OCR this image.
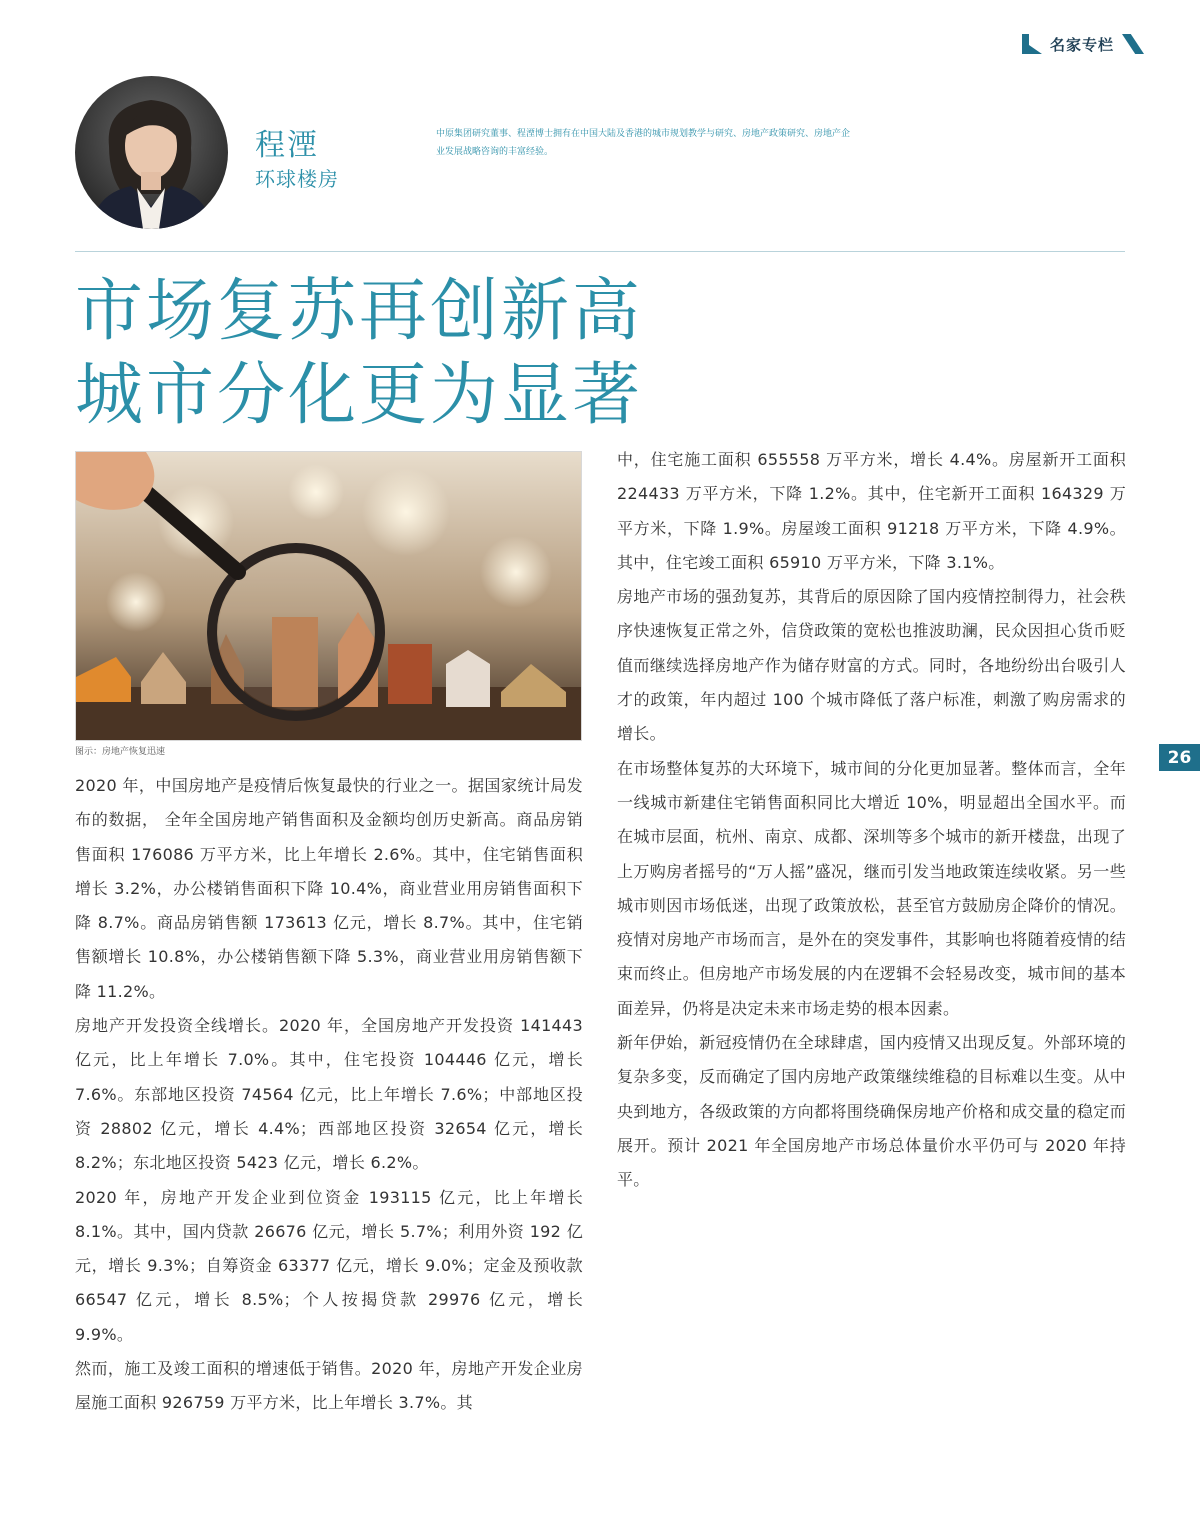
名家专栏
程湮
环球楼房

中原集团研究董事、程湮博士拥有在中国大陆及香港的城市规划教学与研究、房地产政策研究、房地产企业发展战略咨询的丰富经验。

市场复苏再创新高
城市分化更为显著
图示：房地产恢复迅速

2020 年，中国房地产是疫情后恢复最快的行业之一。据国家统计局发布的数据， 全年全国房地产销售面积及金额均创历史新高。商品房销售面积 176086 万平方米，比上年增长 2.6%。其中，住宅销售面积增长 3.2%，办公楼销售面积下降 10.4%，商业营业用房销售面积下降 8.7%。商品房销售额 173613 亿元，增长 8.7%。其中，住宅销售额增长 10.8%，办公楼销售额下降 5.3%，商业营业用房销售额下降 11.2%。

房地产开发投资全线增长。2020 年，全国房地产开发投资 141443 亿元，比上年增长 7.0%。其中，住宅投资 104446 亿元，增长 7.6%。东部地区投资 74564 亿元，比上年增长 7.6%；中部地区投资 28802 亿元，增长 4.4%；西部地区投资 32654 亿元，增长 8.2%；东北地区投资 5423 亿元，增长 6.2%。

2020 年，房地产开发企业到位资金 193115 亿元，比上年增长 8.1%。其中，国内贷款 26676 亿元，增长 5.7%；利用外资 192 亿元，增长 9.3%；自筹资金 63377 亿元，增长 9.0%；定金及预收款 66547 亿元，增长 8.5%；个人按揭贷款 29976 亿元，增长 9.9%。

然而，施工及竣工面积的增速低于销售。2020 年，房地产开发企业房屋施工面积 926759 万平方米，比上年增长 3.7%。其

中，住宅施工面积 655558 万平方米，增长 4.4%。房屋新开工面积 224433 万平方米，下降 1.2%。其中，住宅新开工面积 164329 万平方米，下降 1.9%。房屋竣工面积 91218 万平方米，下降 4.9%。其中，住宅竣工面积 65910 万平方米，下降 3.1%。

房地产市场的强劲复苏，其背后的原因除了国内疫情控制得力，社会秩序快速恢复正常之外，信贷政策的宽松也推波助澜，民众因担心货币贬值而继续选择房地产作为储存财富的方式。同时，各地纷纷出台吸引人才的政策，年内超过 100 个城市降低了落户标准，刺激了购房需求的增长。

在市场整体复苏的大环境下，城市间的分化更加显著。整体而言，全年一线城市新建住宅销售面积同比大增近 10%，明显超出全国水平。而在城市层面，杭州、南京、成都、深圳等多个城市的新开楼盘，出现了上万购房者摇号的“万人摇”盛况，继而引发当地政策连续收紧。另一些城市则因市场低迷，出现了政策放松，甚至官方鼓励房企降价的情况。疫情对房地产市场而言，是外在的突发事件，其影响也将随着疫情的结束而终止。但房地产市场发展的内在逻辑不会轻易改变，城市间的基本面差异，仍将是决定未来市场走势的根本因素。

新年伊始，新冠疫情仍在全球肆虐，国内疫情又出现反复。外部环境的复杂多变，反而确定了国内房地产政策继续维稳的目标难以生变。从中央到地方，各级政策的方向都将围绕确保房地产价格和成交量的稳定而展开。预计 2021 年全国房地产市场总体量价水平仍可与 2020 年持平。

26
